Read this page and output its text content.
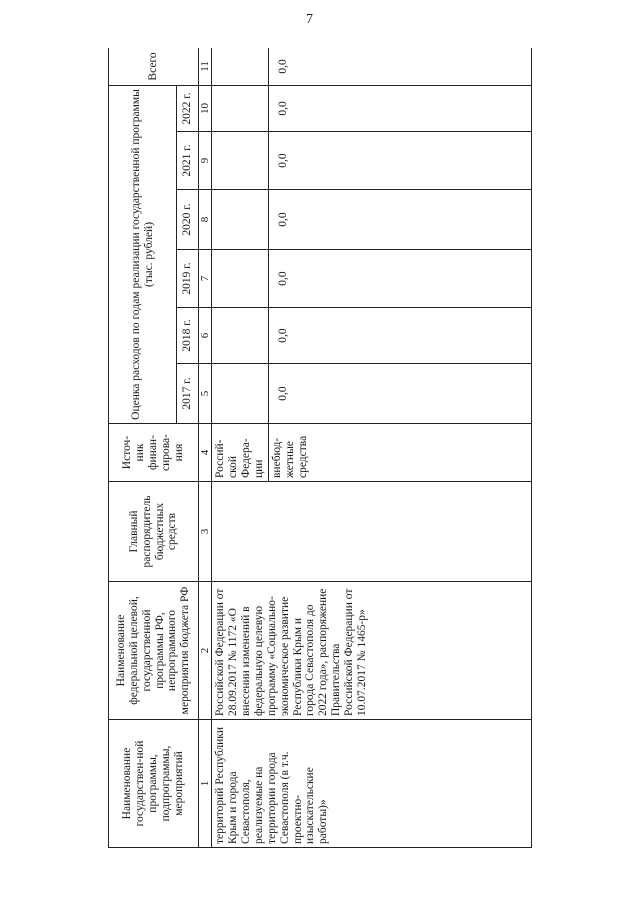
7
Наименование государствен-ной программы, подпрограммы, мероприятий	Наименование федеральной целевой, государственной программы РФ, непрограммного мероприятия бюджета РФ	Главный распорядитель бюджетных средств	Источ-ник финан-сирова-ния	Оценка расходов по годам реализации государственной программы (тыс. рублей)						Всего
				2017 г.	2018 г.	2019 г.	2020 г.	2021 г.	2022 г.	
1	2	3	4	5	6	7	8	9	10	11
территорий Республики Крым и города Севастополя, реализуемые на территории города Севастополя (в т.ч. проектно-изыскательские работы)»	Российской Федерации от 28.09.2017 № 1172 «О внесении изменений в федеральную целевую программу «Социально-экономическое развитие Республики Крым и города Севастополя до 2022 года», распоряжение Правительства Российской Федерации от 10.07.2017 № 1465-р»		Россий-ской Федера-ции							
			внебюд-жетные средства	0,0	0,0	0,0	0,0	0,0	0,0	0,0
